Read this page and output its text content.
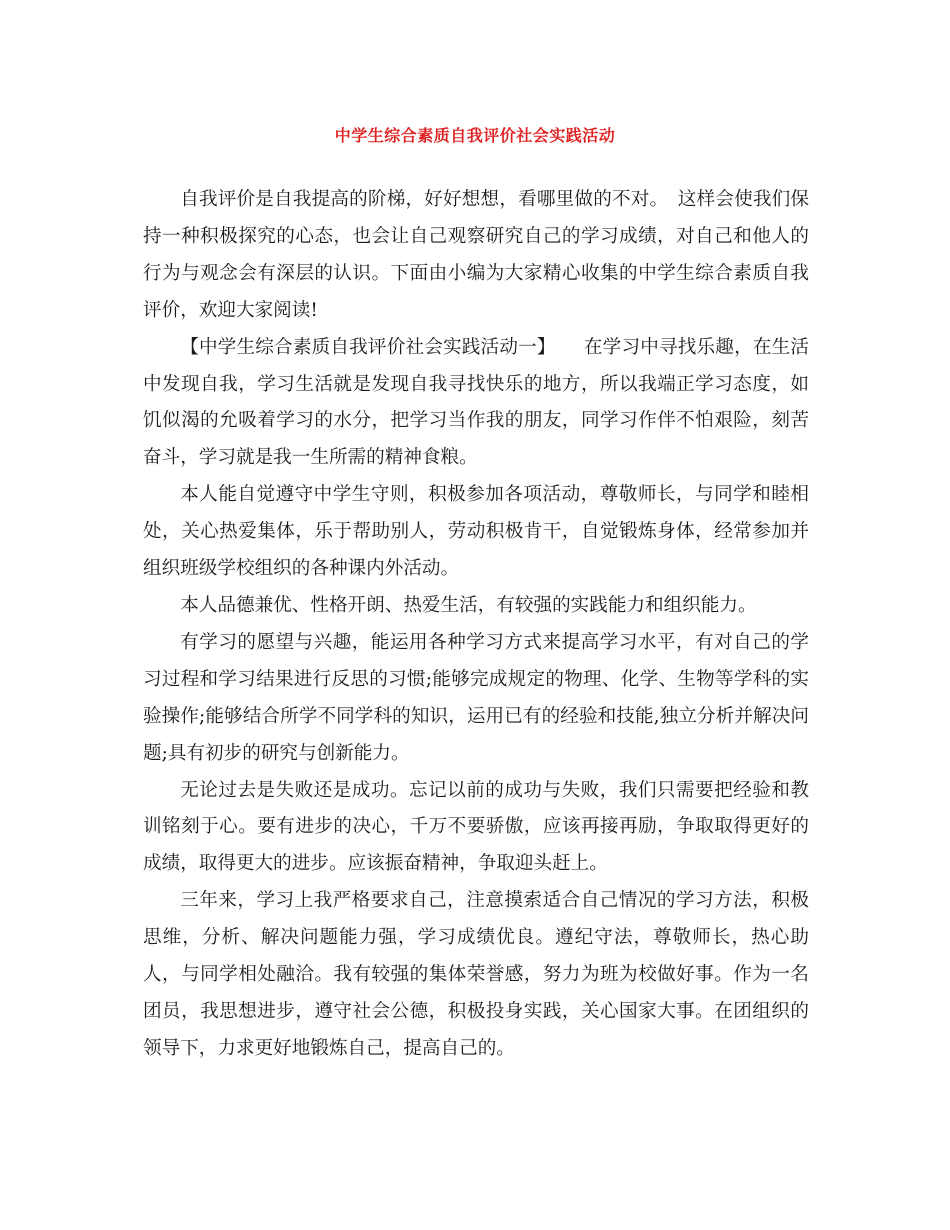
中学生综合素质自我评价社会实践活动

自我评价是自我提高的阶梯，好好想想，看哪里做的不对。　这样会使我们保持一种积极探究的心态，也会让自己观察研究自己的学习成绩，对自己和他人的行为与观念会有深层的认识。下面由小编为大家精心收集的中学生综合素质自我评价，欢迎大家阅读!

【中学生综合素质自我评价社会实践活动一】　　在学习中寻找乐趣，在生活中发现自我，学习生活就是发现自我寻找快乐的地方，所以我端正学习态度，如饥似渴的允吸着学习的水分，把学习当作我的朋友，同学习作伴不怕艰险，刻苦奋斗，学习就是我一生所需的精神食粮。

本人能自觉遵守中学生守则，积极参加各项活动，尊敬师长，与同学和睦相处，关心热爱集体，乐于帮助别人，劳动积极肯干，自觉锻炼身体，经常参加并组织班级学校组织的各种课内外活动。

本人品德兼优、性格开朗、热爱生活，有较强的实践能力和组织能力。

有学习的愿望与兴趣，能运用各种学习方式来提高学习水平，有对自己的学习过程和学习结果进行反思的习惯;能够完成规定的物理、化学、生物等学科的实验操作;能够结合所学不同学科的知识，运用已有的经验和技能,独立分析并解决问题;具有初步的研究与创新能力。

无论过去是失败还是成功。忘记以前的成功与失败，我们只需要把经验和教训铭刻于心。要有进步的决心，千万不要骄傲，应该再接再励，争取取得更好的成绩，取得更大的进步。应该振奋精神，争取迎头赶上。

三年来，学习上我严格要求自己，注意摸索适合自己情况的学习方法，积极思维，分析、解决问题能力强，学习成绩优良。遵纪守法，尊敬师长，热心助人，与同学相处融洽。我有较强的集体荣誉感，努力为班为校做好事。作为一名团员，我思想进步，遵守社会公德，积极投身实践，关心国家大事。在团组织的领导下，力求更好地锻炼自己，提高自己的。
